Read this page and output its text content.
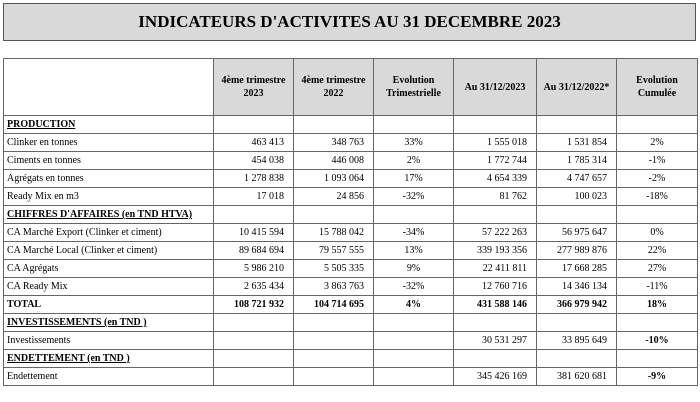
INDICATEURS D'ACTIVITES AU 31 DECEMBRE 2023
	4ème trimestre 2023	4ème trimestre 2022	Evolution Trimestrielle	Au 31/12/2023	Au 31/12/2022*	Evolution Cumulée
PRODUCTION						
Clinker en tonnes	463 413	348 763	33%	1 555 018	1 531 854	2%
Ciments en tonnes	454 038	446 008	2%	1 772 744	1 785 314	-1%
Agrégats en tonnes	1 278 838	1 093 064	17%	4 654 339	4 747 657	-2%
Ready Mix en m3	17 018	24 856	-32%	81 762	100 023	-18%
CHIFFRES D'AFFAIRES (en TND HTVA)						
CA Marché Export (Clinker et ciment)	10 415 594	15 788 042	-34%	57 222 263	56 975 647	0%
CA Marché Local (Clinker et ciment)	89 684 694	79 557 555	13%	339 193 356	277 989 876	22%
CA Agrégats	5 986 210	5 505 335	9%	22 411 811	17 668 285	27%
CA Ready Mix	2 635 434	3 863 763	-32%	12 760 716	14 346 134	-11%
TOTAL	108 721 932	104 714 695	4%	431 588 146	366 979 942	18%
INVESTISSEMENTS (en TND )						
Investissements				30 531 297	33 895 649	-10%
ENDETTEMENT (en TND )						
Endettement				345 426 169	381 620 681	-9%
